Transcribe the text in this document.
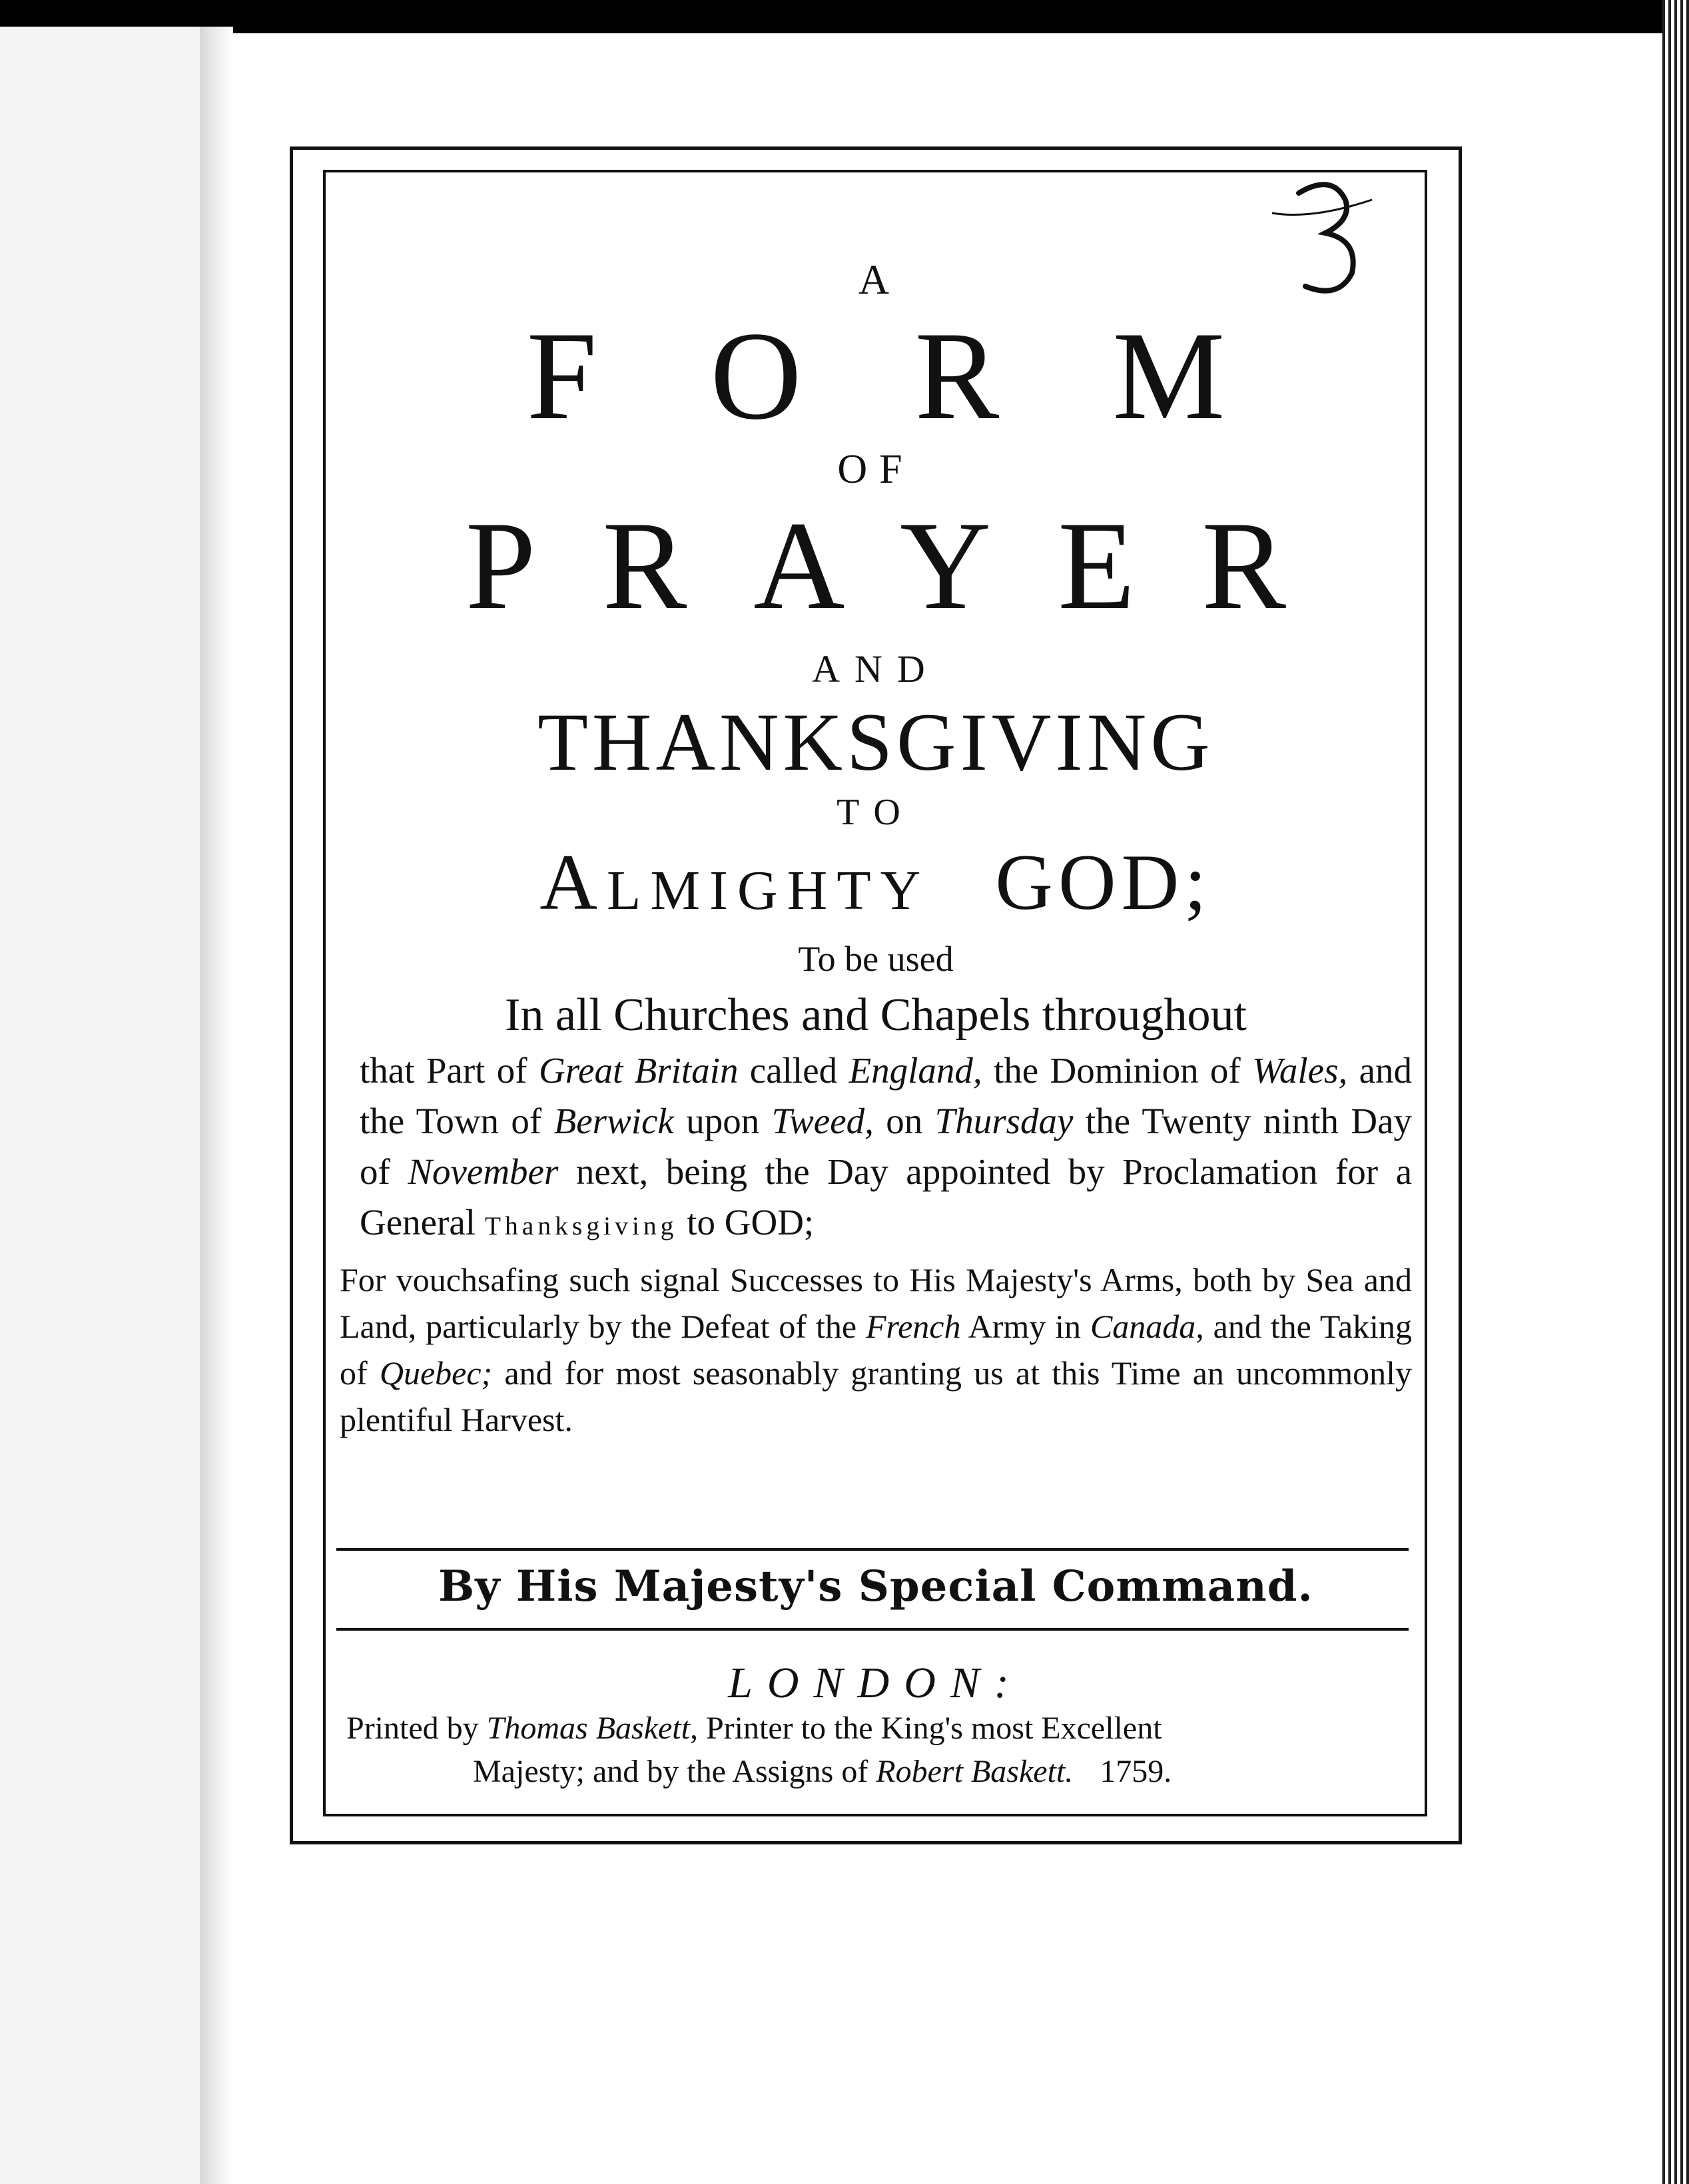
A
FORM
OF
PRAYER
AND
THANKSGIVING
TO
Almighty GOD;
To be used
In all Churches and Chapels throughout
that Part of Great Britain called England, the Dominion of Wales, and the Town of Berwick upon Tweed, on Thursday the Twenty ninth Day of November next, being the Day appointed by Proclamation for a General Thanksgiving to GOD;
For vouchsafing such signal Successes to His Majesty's Arms, both by Sea and Land, particularly by the Defeat of the French Army in Canada, and the Taking of Quebec; and for most seasonably granting us at this Time an uncommonly plentiful Harvest.
By His Majesty's Special Command.
LONDON:
Printed by Thomas Baskett, Printer to the King's most Excellent
Majesty; and by the Assigns of Robert Baskett. 1759.
